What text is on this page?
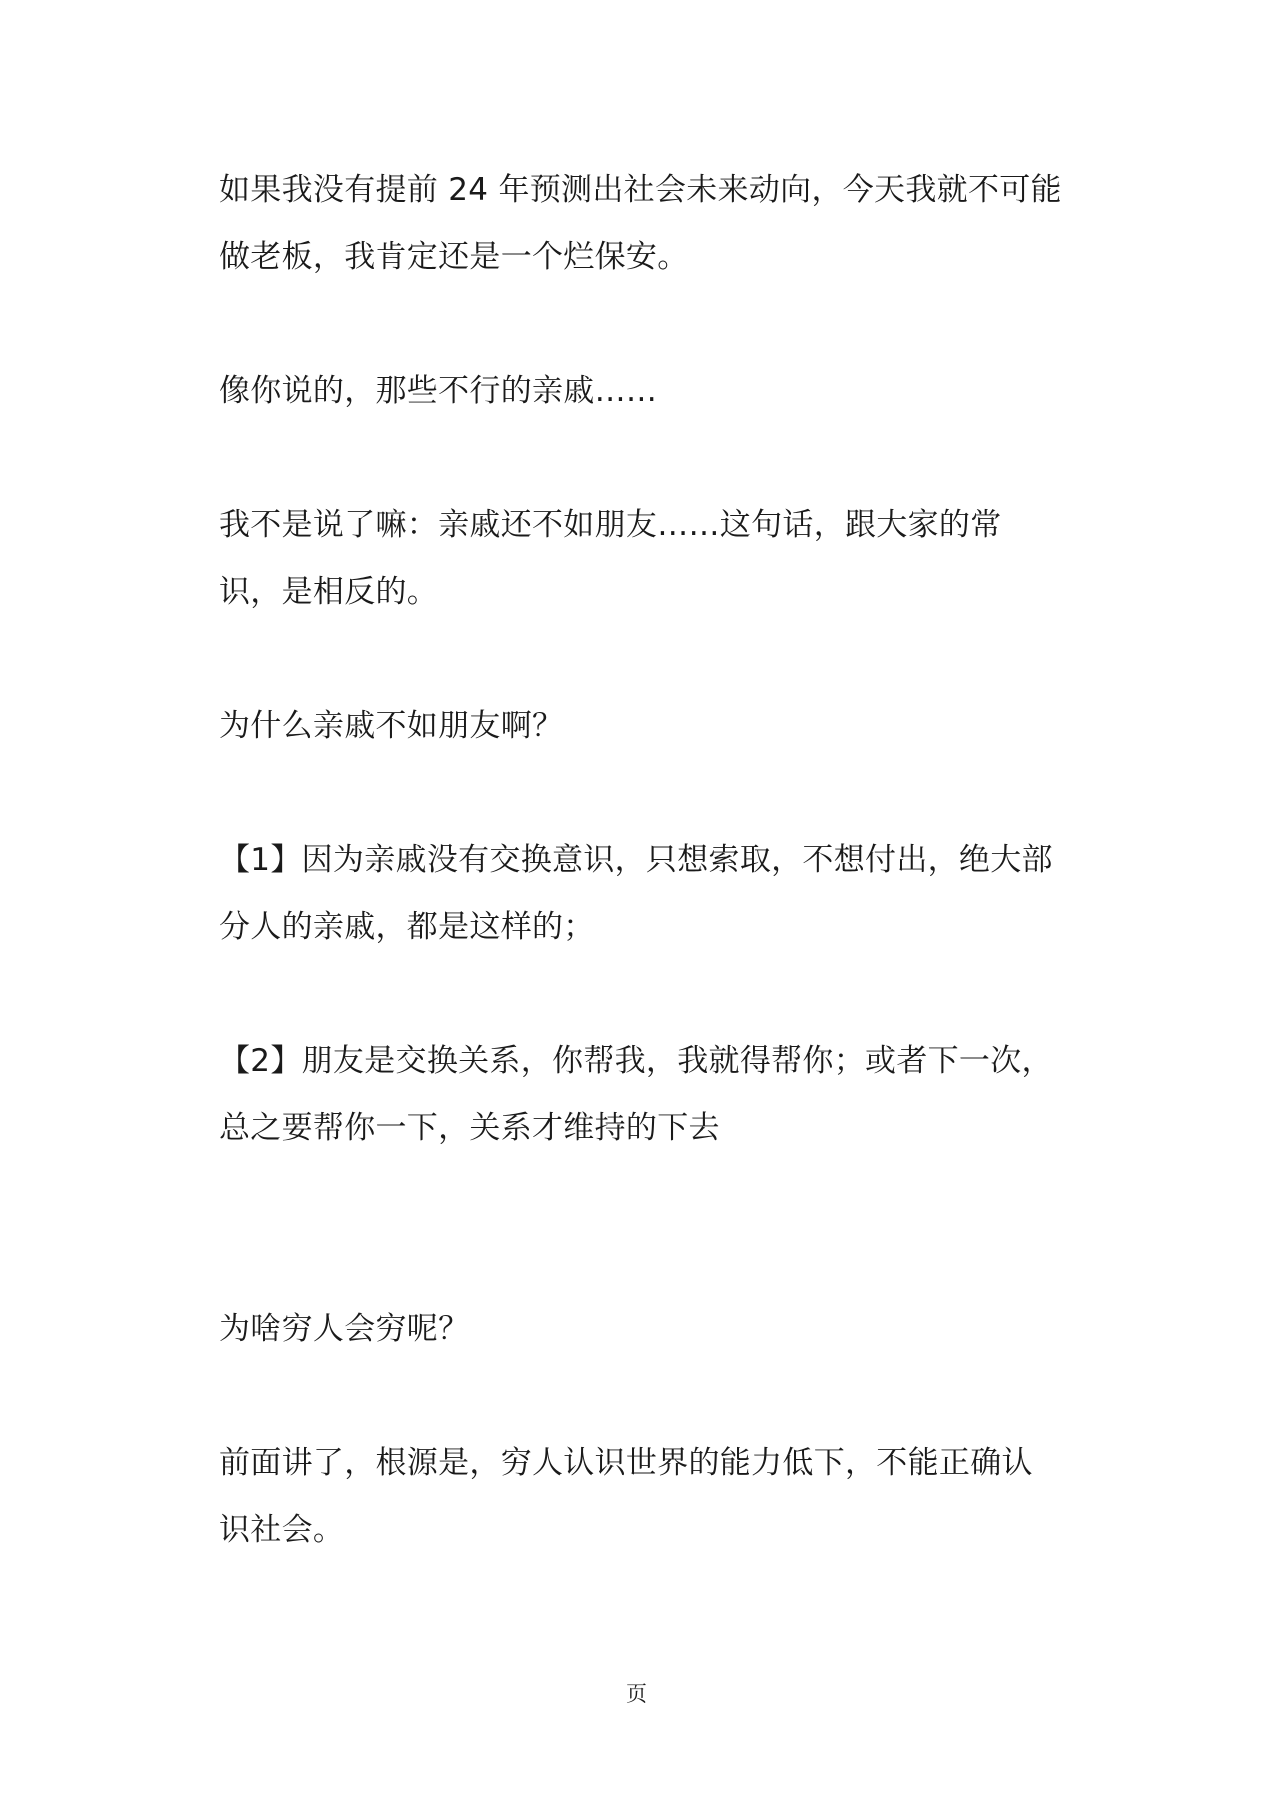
如果我没有提前 24 年预测出社会未来动向，今天我就不可能做老板，我肯定还是一个烂保安。

像你说的，那些不行的亲戚……

我不是说了嘛：亲戚还不如朋友……这句话，跟大家的常识，是相反的。

为什么亲戚不如朋友啊？

【1】因为亲戚没有交换意识，只想索取，不想付出，绝大部分人的亲戚，都是这样的；

【2】朋友是交换关系，你帮我，我就得帮你；或者下一次，总之要帮你一下，关系才维持的下去

为啥穷人会穷呢？

前面讲了，根源是，穷人认识世界的能力低下，不能正确认识社会。

页
